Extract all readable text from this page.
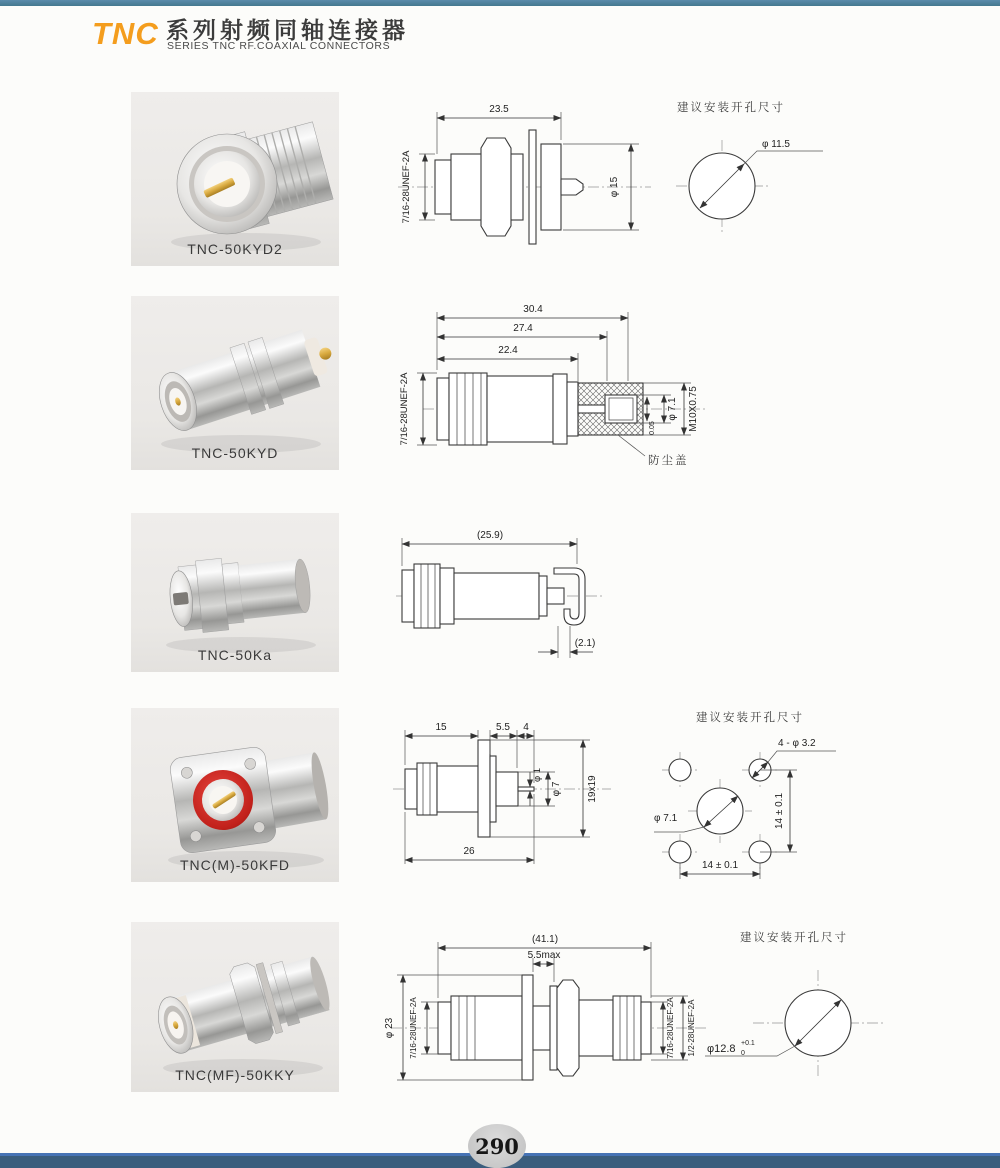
TNC 系列射频同轴连接器
SERIES TNC RF.COAXIAL CONNECTORS
TNC-50KYD2
TNC-50KYD
TNC-50Ka
TNC(M)-50KFD
TNC(MF)-50KKY
23.5
7/16-28UNEF-2A	φ 15
建议安装开孔尺寸
φ 11.5
防尘盖
30.4
27.4
22.4
7/16-28UNEF-2A	φ 7.1 M10X0.75
0.05
(25.9)
(2.1)
15	5.5 4
φ 1
φ 7	19x19
26
建议安装开孔尺寸
4 - φ 3.2
φ 7.1	14 ± 0.1
14 ± 0.1
(41.1)
5.5max
φ 23 7/16-28UNEF-2A	7/16-28UNEF-2A 1/2-28UNEF-2A
建议安装开孔尺寸
φ12.8 +0.1
0
290
